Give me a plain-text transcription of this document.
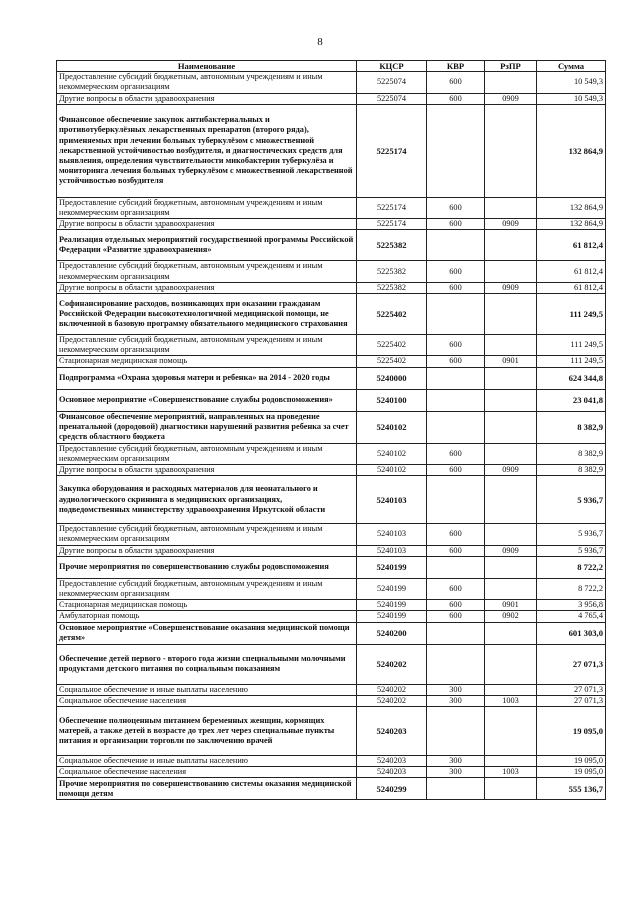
8
Наименование	КЦСР	КВР	РзПР	Сумма
Предоставление субсидий бюджетным, автономным учреждениям и иным некоммерческим организациям	5225074	600		10 549,3
Другие вопросы в области здравоохранения	5225074	600	0909	10 549,3
Финансовое обеспечение закупок антибактериальных и противотуберкулёзных лекарственных препаратов (второго ряда), применяемых при лечении больных туберкулёзом с множественной лекарственной устойчивостью возбудителя, и диагностических средств для выявления, определения чувствительности микобактерии туберкулёза и мониторинга лечения больных туберкулёзом с множественной лекарственной устойчивостью возбудителя	5225174			132 864,9
Предоставление субсидий бюджетным, автономным учреждениям и иным некоммерческим организациям	5225174	600		132 864,9
Другие вопросы в области здравоохранения	5225174	600	0909	132 864,9
Реализация отдельных мероприятий государственной программы Российской Федерации «Развитие здравоохранения»	5225382			61 812,4
Предоставление субсидий бюджетным, автономным учреждениям и иным некоммерческим организациям	5225382	600		61 812,4
Другие вопросы в области здравоохранения	5225382	600	0909	61 812,4
Софинансирование расходов, возникающих при оказании гражданам Российской Федерации высокотехнологичной медицинской помощи, не включенной в базовую программу обязательного медицинского страхования	5225402			111 249,5
Предоставление субсидий бюджетным, автономным учреждениям и иным некоммерческим организациям	5225402	600		111 249,5
Стационарная медицинская помощь	5225402	600	0901	111 249,5
Подпрограмма «Охрана здоровья матери и ребенка» на 2014 - 2020 годы	5240000			624 344,8
Основное мероприятие «Совершенствование службы родовспоможения»	5240100			23 041,8
Финансовое обеспечение мероприятий, направленных на проведение пренатальной (дородовой) диагностики нарушений развития ребенка за счет средств областного бюджета	5240102			8 382,9
Предоставление субсидий бюджетным, автономным учреждениям и иным некоммерческим организациям	5240102	600		8 382,9
Другие вопросы в области здравоохранения	5240102	600	0909	8 382,9
Закупка оборудования и расходных материалов для неонатального и аудиологического скрининга в медицинских организациях, подведомственных министерству здравоохранения Иркутской области	5240103			5 936,7
Предоставление субсидий бюджетным, автономным учреждениям и иным некоммерческим организациям	5240103	600		5 936,7
Другие вопросы в области здравоохранения	5240103	600	0909	5 936,7
Прочие мероприятия по совершенствованию службы родовспоможения	5240199			8 722,2
Предоставление субсидий бюджетным, автономным учреждениям и иным некоммерческим организациям	5240199	600		8 722,2
Стационарная медицинская помощь	5240199	600	0901	3 956,8
Амбулаторная помощь	5240199	600	0902	4 765,4
Основное мероприятие «Совершенствование оказания медицинской помощи детям»	5240200			601 303,0
Обеспечение детей первого - второго года жизни специальными молочными продуктами детского питания по социальным показаниям	5240202			27 071,3
Социальное обеспечение и иные выплаты населению	5240202	300		27 071,3
Социальное обеспечение населения	5240202	300	1003	27 071,3
Обеспечение полноценным питанием беременных женщин, кормящих матерей, а также детей в возрасте до трех лет через специальные пункты питания и организации торговли по заключению врачей	5240203			19 095,0
Социальное обеспечение и иные выплаты населению	5240203	300		19 095,0
Социальное обеспечение населения	5240203	300	1003	19 095,0
Прочие мероприятия по совершенствованию системы оказания медицинской помощи детям	5240299			555 136,7
